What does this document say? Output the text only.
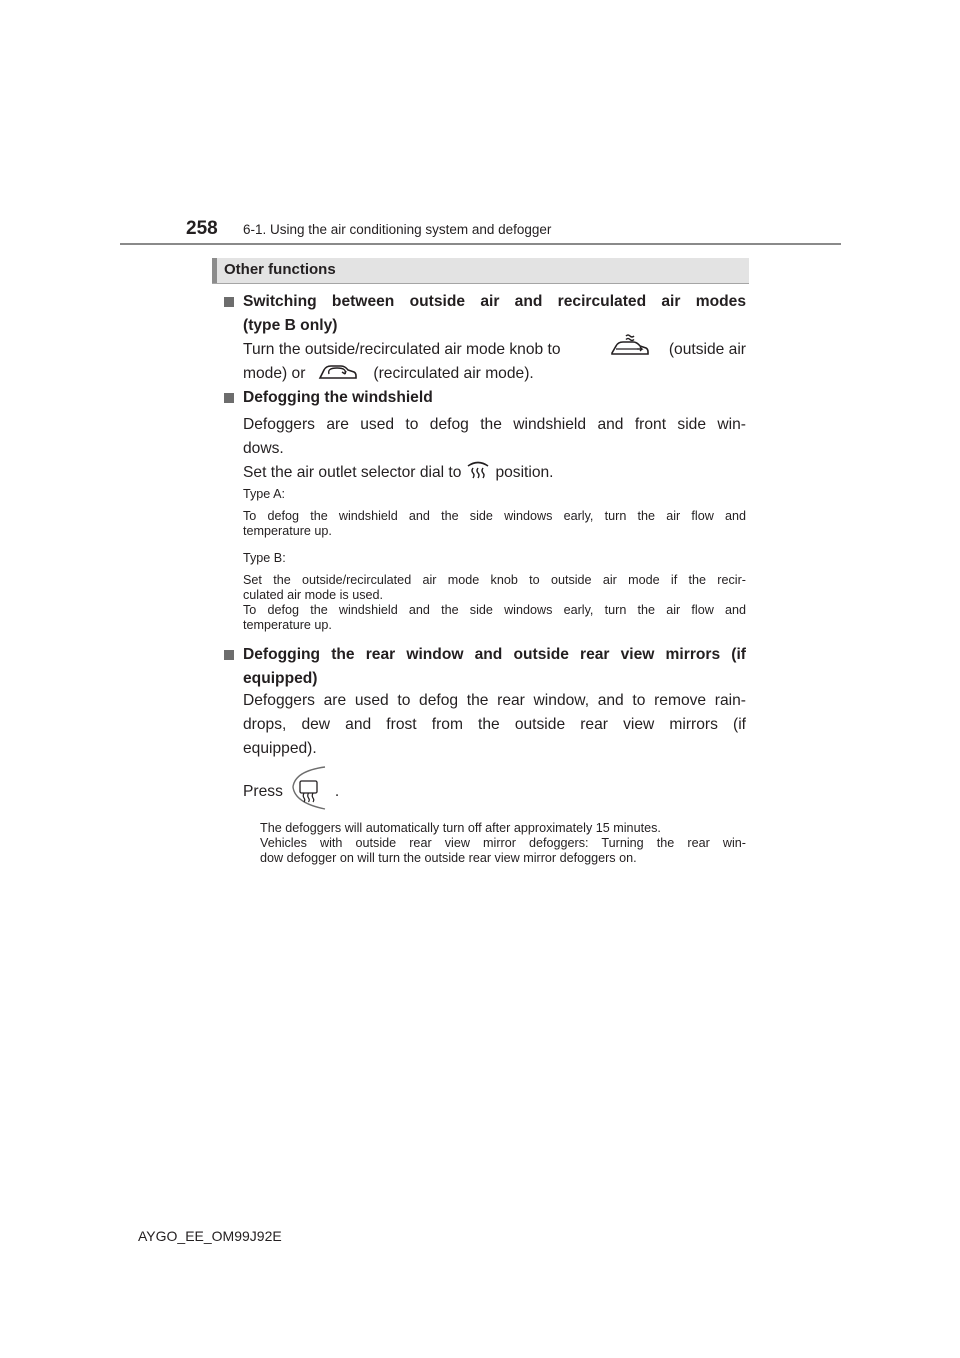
258 6-1. Using the air conditioning system and defogger
Other functions
Switching between outside air and recirculated air modes
(type B only)
Turn the outside/recirculated air mode knob to	(outside air
mode) or	(recirculated air mode).
Defogging the windshield
Defoggers are used to defog the windshield and front side win-
dows.
Set the air outlet selector dial to position.
Type A:
To defog the windshield and the side windows early, turn the air flow and
temperature up.
Type B:
Set the outside/recirculated air mode knob to outside air mode if the recir-
culated air mode is used.
To defog the windshield and the side windows early, turn the air flow and
temperature up.
Defogging the rear window and outside rear view mirrors (if
equipped)
Defoggers are used to defog the rear window, and to remove rain-
drops, dew and frost from the outside rear view mirrors (if
equipped).
Press	.
The defoggers will automatically turn off after approximately 15 minutes.
Vehicles with outside rear view mirror defoggers: Turning the rear win-
dow defogger on will turn the outside rear view mirror defoggers on.
AYGO_EE_OM99J92E
